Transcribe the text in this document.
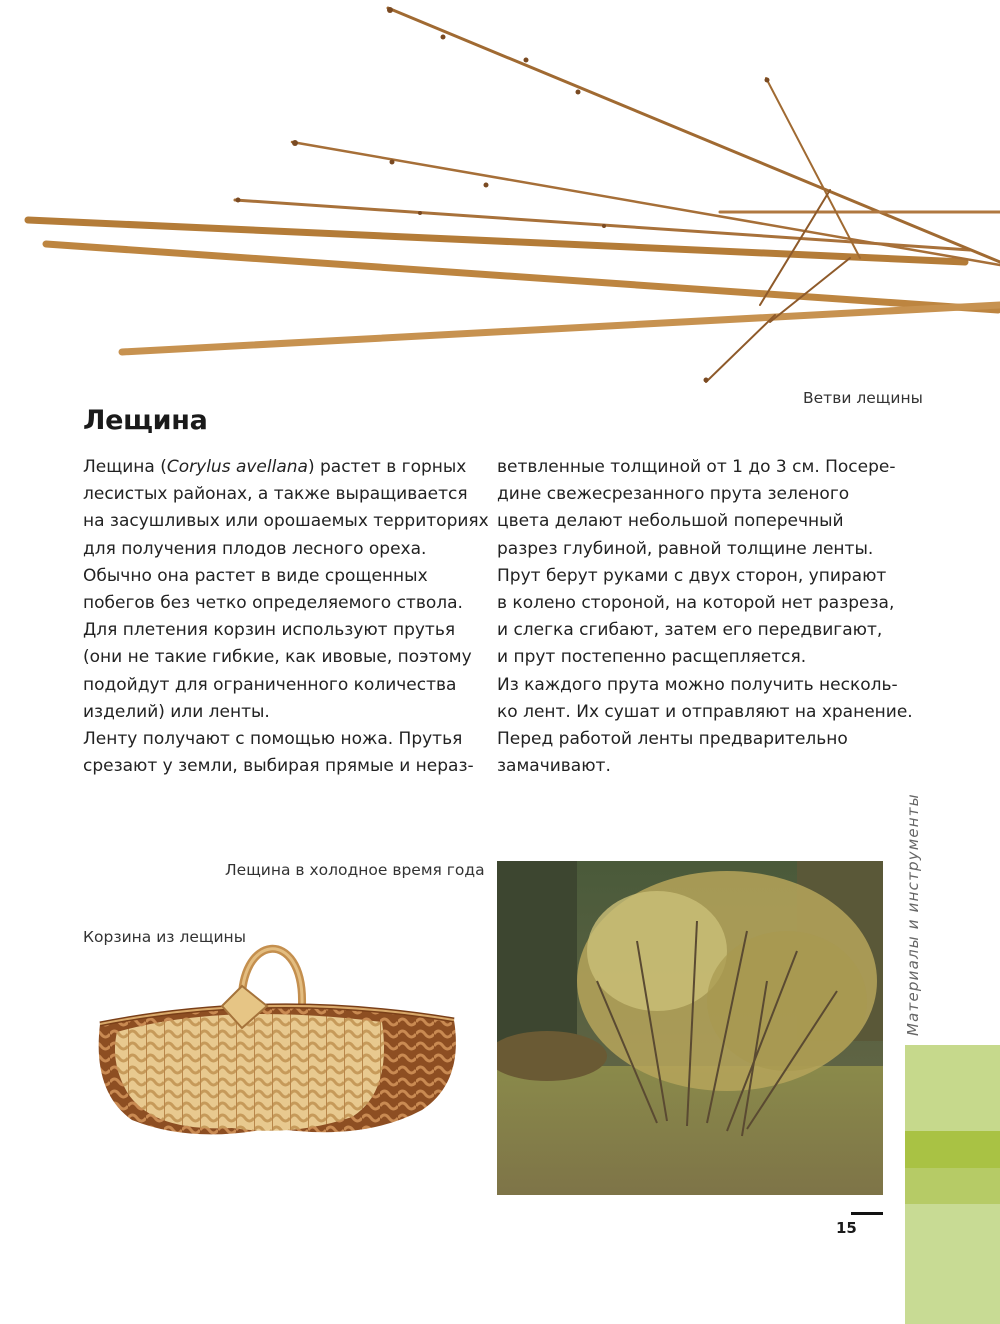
Ветви лещины
Лещина
Лещина (Corylus avellana) растет в горных
лесистых районах, а также выращивается
на засушливых или орошаемых территориях
для получения плодов лесного ореха.
Обычно она растет в виде срощенных
побегов без четко определяемого ствола.
Для плетения корзин используют прутья
(они не такие гибкие, как ивовые, поэтому
подойдут для ограниченного количества
изделий) или ленты.
Ленту получают с помощью ножа. Прутья
срезают у земли, выбирая прямые и нераз-
ветвленные толщиной от 1 до 3 см. Посере-
дине свежесрезанного прута зеленого
цвета делают небольшой поперечный
разрез глубиной, равной толщине ленты.
Прут берут руками с двух сторон, упирают
в колено стороной, на которой нет разреза,
и слегка сгибают, затем его передвигают,
и прут постепенно расщепляется.
Из каждого прута можно получить несколь-
ко лент. Их сушат и отправляют на хранение.
Перед работой ленты предварительно
замачивают.
Лещина в холодное время года
Корзина из лещины	Материалы и инструменты
15
